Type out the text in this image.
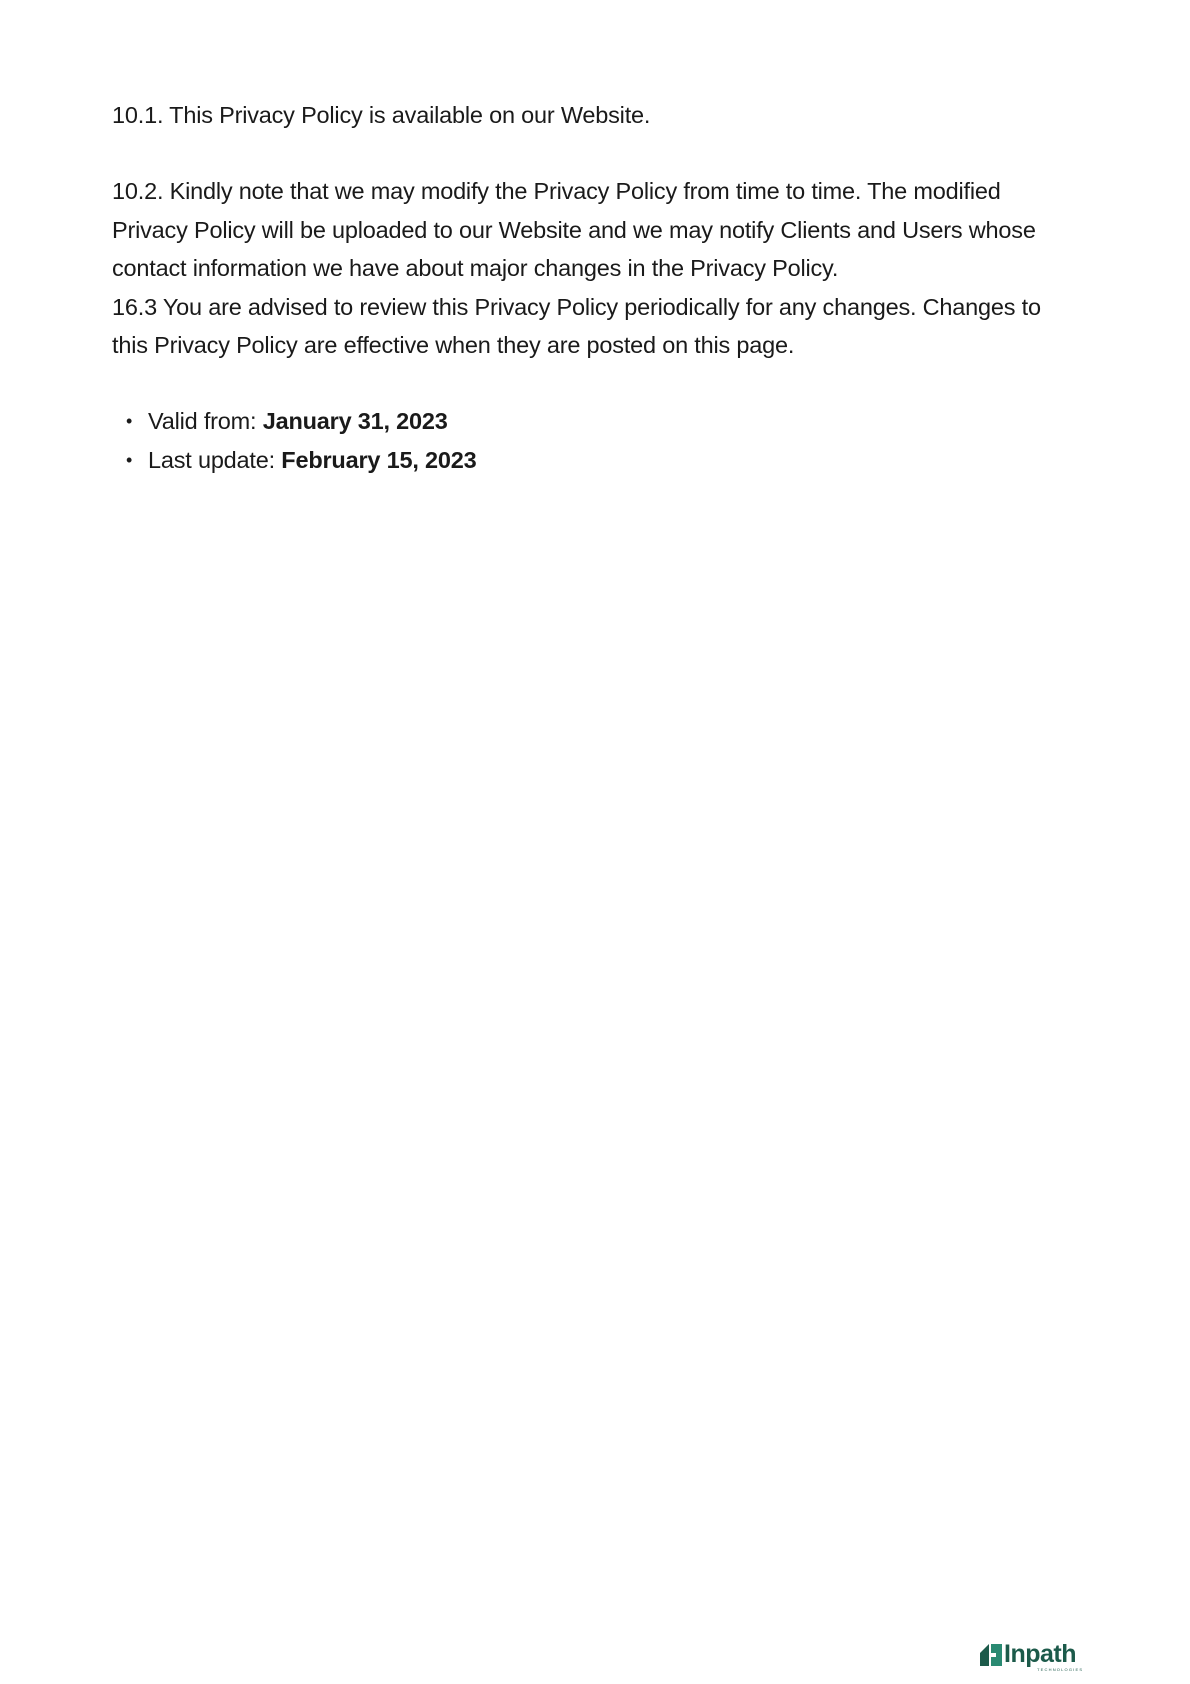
10.1. This Privacy Policy is available on our Website.

10.2. Kindly note that we may modify the Privacy Policy from time to time. The modified Privacy Policy will be uploaded to our Website and we may notify Clients and Users whose contact information we have about major changes in the Privacy Policy.

16.3 You are advised to review this Privacy Policy periodically for any changes. Changes to this Privacy Policy are effective when they are posted on this page.

• Valid from: January 31, 2023
• Last update: February 15, 2023
Inpath
TECHNOLOGIES
